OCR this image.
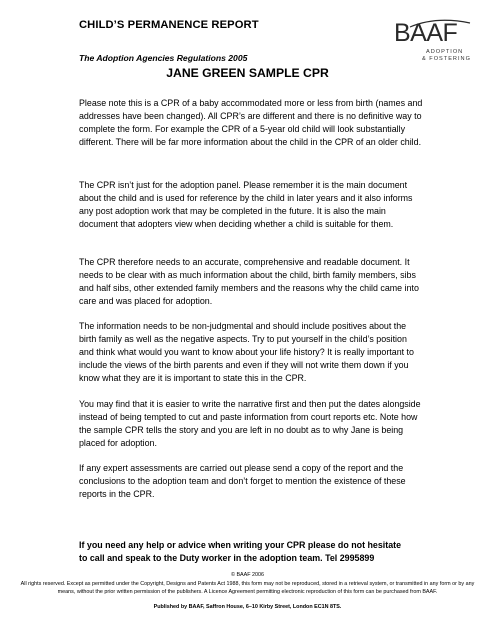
CHILD’S PERMANENCE REPORT
The Adoption Agencies Regulations 2005
BAAF
ADOPTION
& FOSTERING
JANE GREEN SAMPLE CPR

Please note this is a CPR of a baby accommodated more or less from birth (names and addresses have been changed). All CPR’s are different and there is no definitive way to complete the form. For example the CPR of a 5-year old child will look substantially different. There will be far more information about the child in the CPR of an older child.

The CPR isn’t just for the adoption panel. Please remember it is the main document about the child and is used for reference by the child in later years and it also informs any post adoption work that may be completed in the future. It is also the main document that adopters view when deciding whether a child is suitable for them.

The CPR therefore needs to an accurate, comprehensive and readable document. It needs to be clear with as much information about the child, birth family members, sibs and half sibs, other extended family members and the reasons why the child came into care and was placed for adoption.

The information needs to be non-judgmental and should include positives about the birth family as well as the negative aspects. Try to put yourself in the child’s position and think what would you want to know about your life history? It is really important to include the views of the birth parents and even if they will not write them down if you know what they are it is important to state this in the CPR.

You may find that it is easier to write the narrative first and then put the dates alongside instead of being tempted to cut and paste information from court reports etc. Note how the sample CPR tells the story and you are left in no doubt as to why Jane is being placed for adoption.

If any expert assessments are carried out please send a copy of the report and the conclusions to the adoption team and don’t forget to mention the existence of these reports in the CPR.

If you need any help or advice when writing your CPR please do not hesitate to call and speak to the Duty worker in the adoption team. Tel 2995899

© BAAF 2006
All rights reserved. Except as permitted under the Copyright, Designs and Patents Act 1988, this form may not be reproduced, stored in a retrieval system, or transmitted in any form or by any means, without the prior written permission of the publishers. A Licence Agreement permitting electronic reproduction of this form can be purchased from BAAF.
Published by BAAF, Saffron House, 6–10 Kirby Street, London EC1N 8TS.
